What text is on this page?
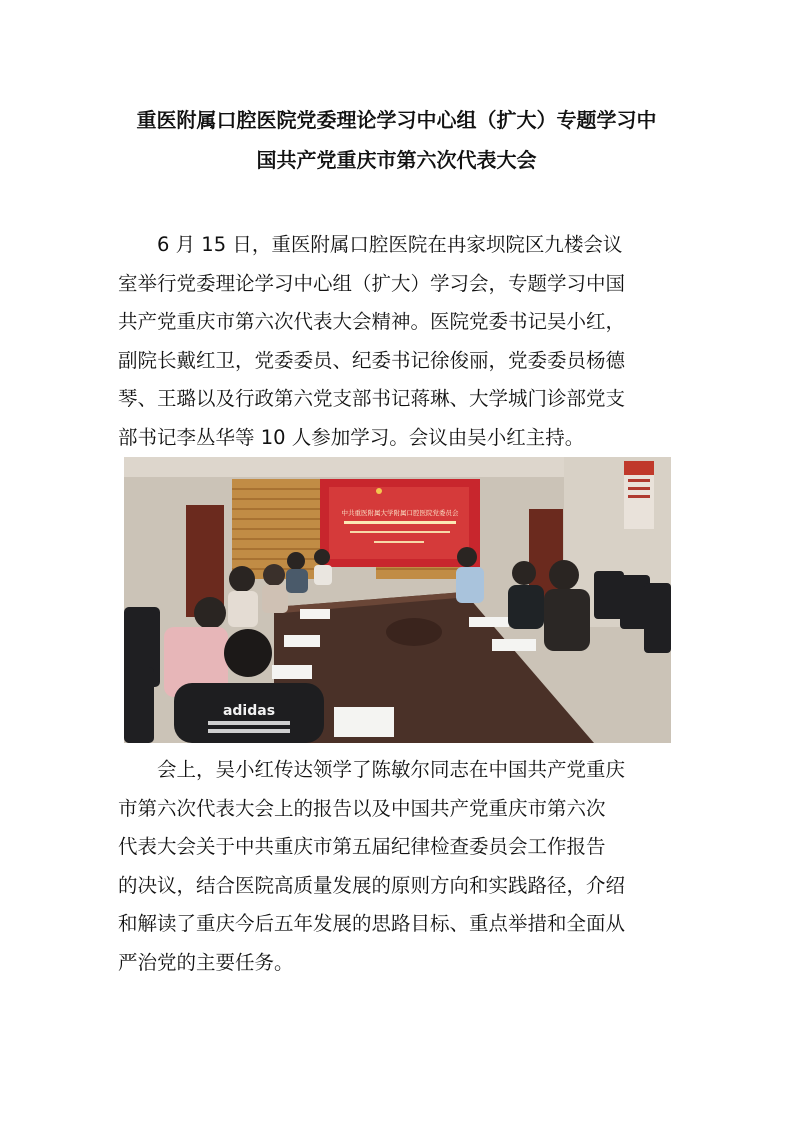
重医附属口腔医院党委理论学习中心组（扩大）专题学习中
国共产党重庆市第六次代表大会

6 月 15 日，重医附属口腔医院在冉家坝院区九楼会议
室举行党委理论学习中心组（扩大）学习会，专题学习中国
共产党重庆市第六次代表大会精神。医院党委书记吴小红，
副院长戴红卫，党委委员、纪委书记徐俊丽，党委委员杨德
琴、王璐以及行政第六党支部书记蒋琳、大学城门诊部党支
部书记李丛华等 10 人参加学习。会议由吴小红主持。

中共重医附属大学附属口腔医院党委员会
adidas

会上，吴小红传达领学了陈敏尔同志在中国共产党重庆
市第六次代表大会上的报告以及中国共产党重庆市第六次
代表大会关于中共重庆市第五届纪律检查委员会工作报告
的决议，结合医院高质量发展的原则方向和实践路径，介绍
和解读了重庆今后五年发展的思路目标、重点举措和全面从
严治党的主要任务。
